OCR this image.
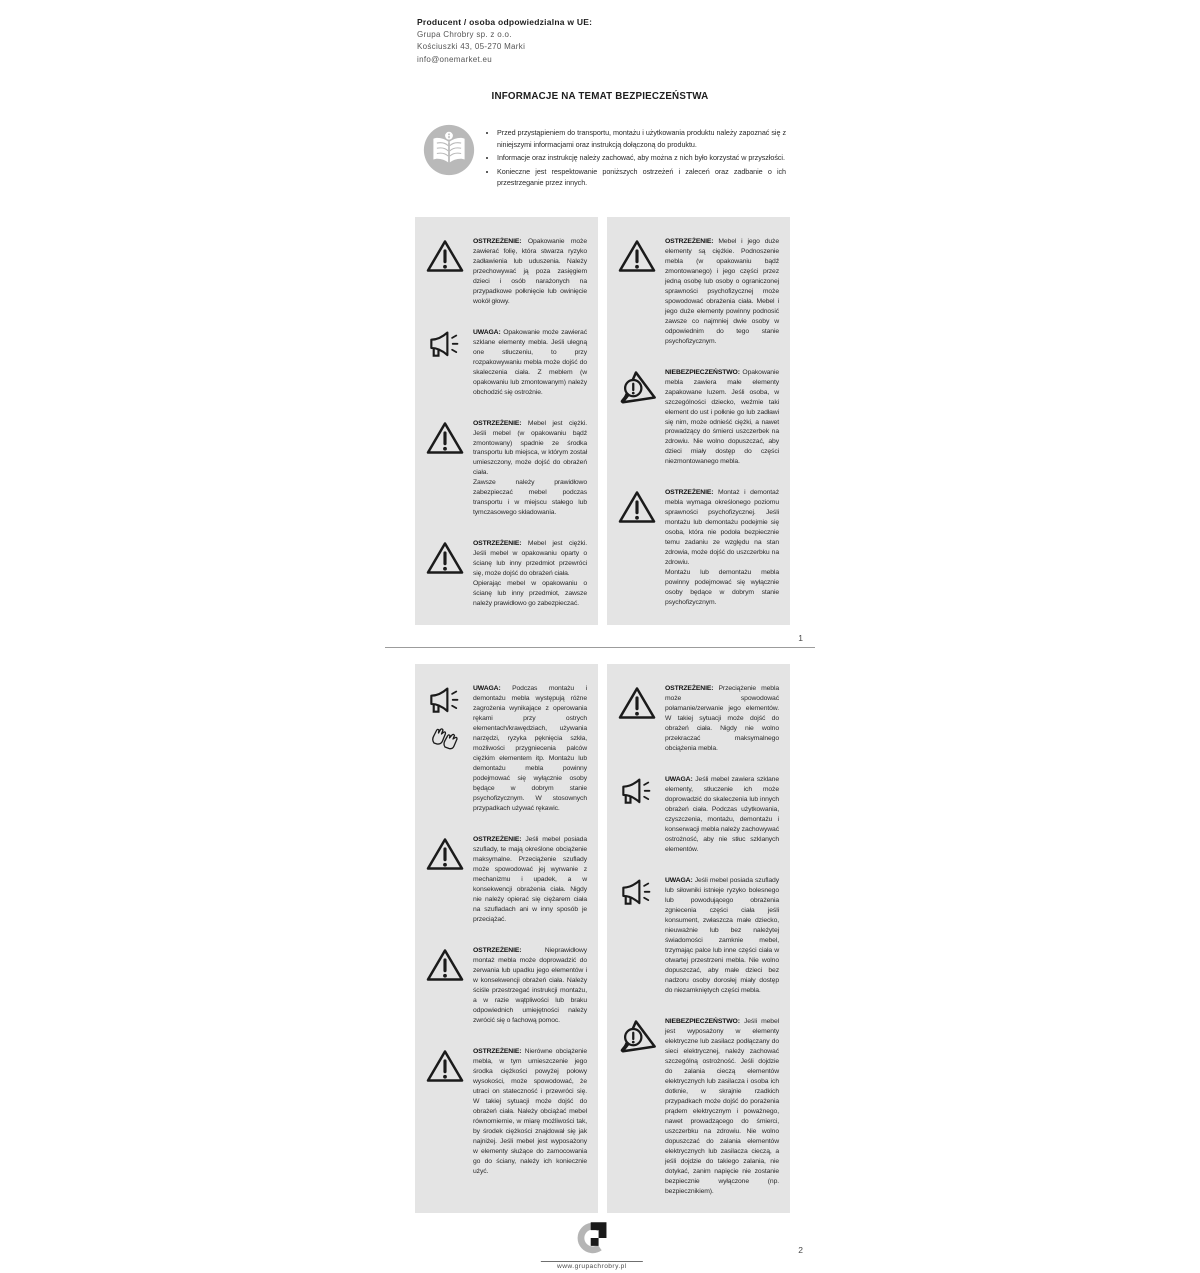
Producent / osoba odpowiedzialna w UE:
Grupa Chrobry sp. z o.o.
Kościuszki 43, 05-270 Marki
info@onemarket.eu
INFORMACJE NA TEMAT BEZPIECZEŃSTWA
• Przed przystąpieniem do transportu, montażu i użytkowania produktu należy zapoznać się z niniejszymi informacjami oraz instrukcją dołączoną do produktu.
• Informacje oraz instrukcję należy zachować, aby można z nich było korzystać w przyszłości.
• Konieczne jest respektowanie poniższych ostrzeżeń i zaleceń oraz zadbanie o ich przestrzeganie przez innych.
OSTRZEŻENIE: Opakowanie może zawierać folię, która stwarza ryzyko zadławienia lub uduszenia. Należy przechowywać ją poza zasięgiem dzieci i osób narażonych na przypadkowe połknięcie lub owinięcie wokół głowy.
UWAGA: Opakowanie może zawierać szklane elementy mebla. Jeśli ulegną one stłuczeniu, to przy rozpakowywaniu mebla może dojść do skaleczenia ciała. Z meblem (w opakowaniu lub zmontowanym) należy obchodzić się ostrożnie.
OSTRZEŻENIE: Mebel jest ciężki. Jeśli mebel (w opakowaniu bądź zmontowany) spadnie ze środka transportu lub miejsca, w którym został umieszczony, może dojść do obrażeń ciała.
Zawsze należy prawidłowo zabezpieczać mebel podczas transportu i w miejscu stałego lub tymczasowego składowania.
OSTRZEŻENIE: Mebel jest ciężki. Jeśli mebel w opakowaniu oparty o ścianę lub inny przedmiot przewróci się, może dojść do obrażeń ciała.
Opierając mebel w opakowaniu o ścianę lub inny przedmiot, zawsze należy prawidłowo go zabezpieczać.
OSTRZEŻENIE: Mebel i jego duże elementy są ciężkie. Podnoszenie mebla (w opakowaniu bądź zmontowanego) i jego części przez jedną osobę lub osoby o ograniczonej sprawności psychofizycznej może spowodować obrażenia ciała. Mebel i jego duże elementy powinny podnosić zawsze co najmniej dwie osoby w odpowiednim do tego stanie psychofizycznym.
NIEBEZPIECZEŃSTWO: Opakowanie mebla zawiera małe elementy zapakowane luzem. Jeśli osoba, w szczególności dziecko, weźmie taki element do ust i połknie go lub zadławi się nim, może odnieść ciężki, a nawet prowadzący do śmierci uszczerbek na zdrowiu. Nie wolno dopuszczać, aby dzieci miały dostęp do części niezmontowanego mebla.
OSTRZEŻENIE: Montaż i demontaż mebla wymaga określonego poziomu sprawności psychofizycznej. Jeśli montażu lub demontażu podejmie się osoba, która nie podoła bezpiecznie temu zadaniu ze względu na stan zdrowia, może dojść do uszczerbku na zdrowiu.
Montażu lub demontażu mebla powinny podejmować się wyłącznie osoby będące w dobrym stanie psychofizycznym.
1
UWAGA: Podczas montażu i demontażu mebla występują różne zagrożenia wynikające z operowania rękami przy ostrych elementach/krawędziach, używania narzędzi, ryzyka pęknięcia szkła, możliwości przygniecenia palców ciężkim elementem itp. Montażu lub demontażu mebla powinny podejmować się wyłącznie osoby będące w dobrym stanie psychofizycznym. W stosownych przypadkach używać rękawic.
OSTRZEŻENIE: Jeśli mebel posiada szuflady, te mają określone obciążenie maksymalne. Przeciążenie szuflady może spowodować jej wyrwanie z mechanizmu i upadek, a w konsekwencji obrażenia ciała. Nigdy nie należy opierać się ciężarem ciała na szufladach ani w inny sposób je przeciążać.
OSTRZEŻENIE: Nieprawidłowy montaż mebla może doprowadzić do zerwania lub upadku jego elementów i w konsekwencji obrażeń ciała. Należy ściśle przestrzegać instrukcji montażu, a w razie wątpliwości lub braku odpowiednich umiejętności należy zwrócić się o fachową pomoc.
OSTRZEŻENIE: Nierówne obciążenie mebla, w tym umieszczenie jego środka ciężkości powyżej połowy wysokości, może spowodować, że utraci on stateczność i przewróci się. W takiej sytuacji może dojść do obrażeń ciała. Należy obciążać mebel równomiernie, w miarę możliwości tak, by środek ciężkości znajdował się jak najniżej. Jeśli mebel jest wyposażony w elementy służące do zamocowania go do ściany, należy ich koniecznie użyć.
OSTRZEŻENIE: Przeciążenie mebla może spowodować połamanie/zerwanie jego elementów. W takiej sytuacji może dojść do obrażeń ciała. Nigdy nie wolno przekraczać maksymalnego obciążenia mebla.
UWAGA: Jeśli mebel zawiera szklane elementy, stłuczenie ich może doprowadzić do skaleczenia lub innych obrażeń ciała. Podczas użytkowania, czyszczenia, montażu, demontażu i konserwacji mebla należy zachowywać ostrożność, aby nie stłuc szklanych elementów.
UWAGA: Jeśli mebel posiada szuflady lub siłowniki istnieje ryzyko bolesnego lub powodującego obrażenia zgniecenia części ciała jeśli konsument, zwłaszcza małe dziecko, nieuważnie lub bez należytej świadomości zamknie mebel, trzymając palce lub inne części ciała w otwartej przestrzeni mebla. Nie wolno dopuszczać, aby małe dzieci bez nadzoru osoby dorosłej miały dostęp do niezamkniętych części mebla.
NIEBEZPIECZEŃSTWO: Jeśli mebel jest wyposażony w elementy elektryczne lub zasilacz podłączany do sieci elektrycznej, należy zachować szczególną ostrożność. Jeśli dojdzie do zalania cieczą elementów elektrycznych lub zasilacza i osoba ich dotknie, w skrajnie rzadkich przypadkach może dojść do porażenia prądem elektrycznym i poważnego, nawet prowadzącego do śmierci, uszczerbku na zdrowiu. Nie wolno dopuszczać do zalania elementów elektrycznych lub zasilacza cieczą, a jeśli dojdzie do takiego zalania, nie dotykać, zanim napięcie nie zostanie bezpiecznie wyłączone (np. bezpiecznikiem).
www.grupachrobry.pl
2
